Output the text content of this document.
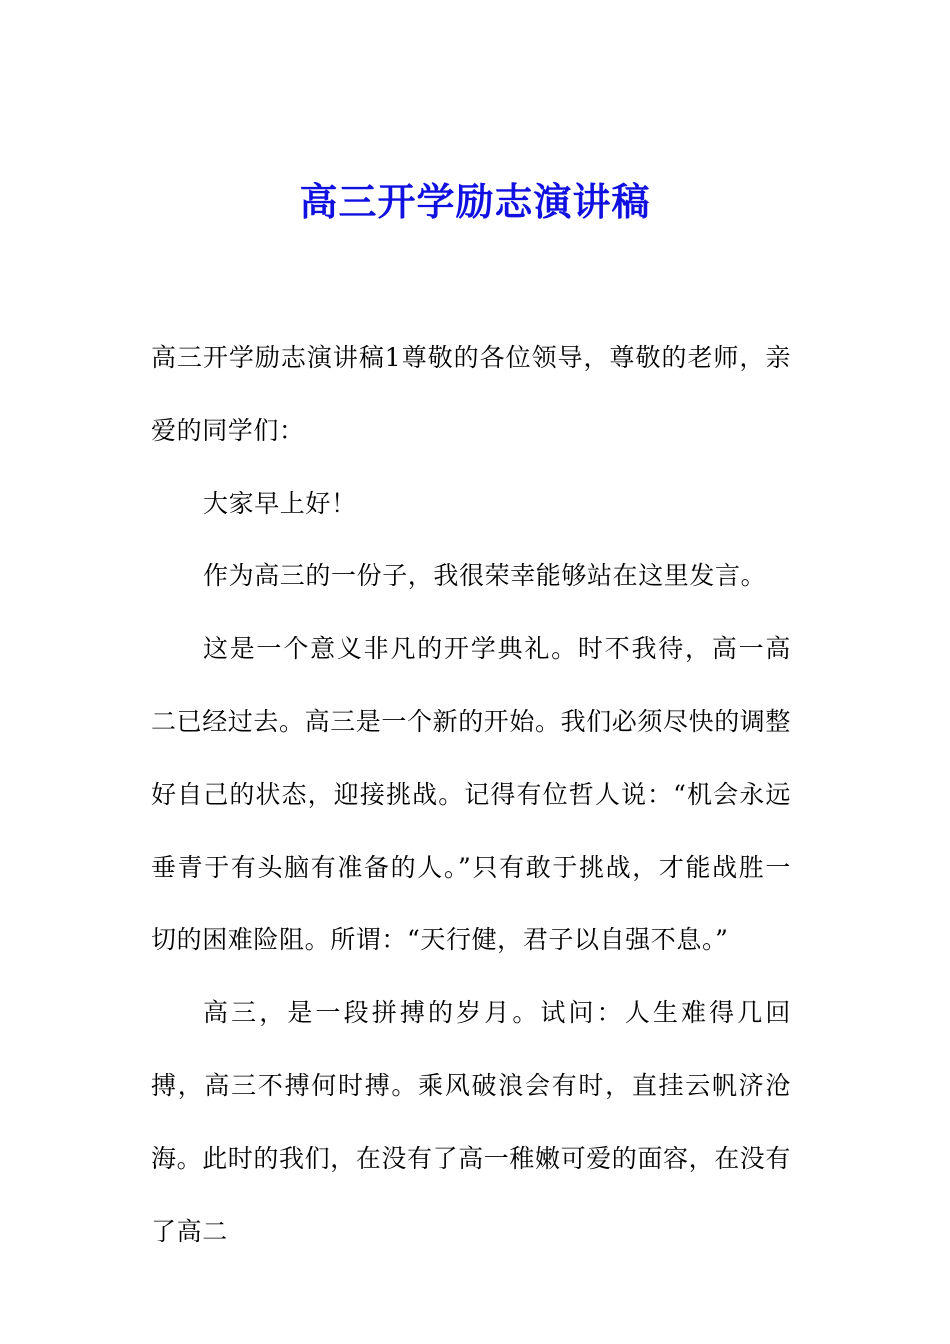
高三开学励志演讲稿

高三开学励志演讲稿1尊敬的各位领导，尊敬的老师，亲爱的同学们：

大家早上好！

作为高三的一份子，我很荣幸能够站在这里发言。

这是一个意义非凡的开学典礼。时不我待，高一高二已经过去。高三是一个新的开始。我们必须尽快的调整好自己的状态，迎接挑战。记得有位哲人说：“机会永远垂青于有头脑有准备的人。”只有敢于挑战，才能战胜一切的困难险阻。所谓：“天行健，君子以自强不息。”

高三，是一段拼搏的岁月。试问：人生难得几回搏，高三不搏何时搏。乘风破浪会有时，直挂云帆济沧海。此时的我们，在没有了高一稚嫩可爱的面容，在没有了高二
